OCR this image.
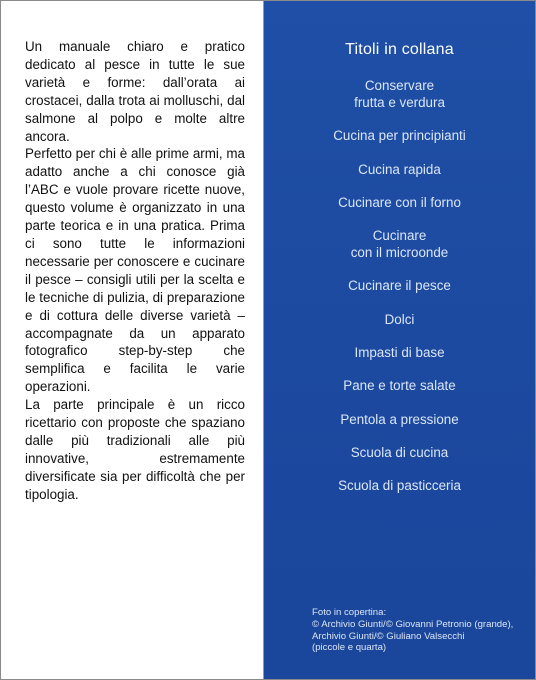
Un manuale chiaro e pratico dedicato al pesce in tutte le sue varietà e forme: dall’orata ai crostacei, dalla trota ai molluschi, dal salmone al polpo e molte altre ancora.

Perfetto per chi è alle prime armi, ma adatto anche a chi conosce già l’ABC e vuole provare ricette nuove, questo volume è organizzato in una parte teorica e in una pratica. Prima ci sono tutte le informazioni necessarie per conoscere e cucinare il pesce – consigli utili per la scelta e le tecniche di pulizia, di preparazione e di cottura delle diverse varietà – accompagnate da un apparato fotografico step-by-step che semplifica e facilita le varie operazioni.

La parte principale è un ricco ricettario con proposte che spaziano dalle più tradizionali alle più innovative, estremamente diversificate sia per difficoltà che per tipologia.

Titoli in collana
Conservare
frutta e verdura
Cucina per principianti
Cucina rapida
Cucinare con il forno
Cucinare
con il microonde
Cucinare il pesce
Dolci
Impasti di base
Pane e torte salate
Pentola a pressione
Scuola di cucina
Scuola di pasticceria
Foto in copertina:
© Archivio Giunti/© Giovanni Petronio (grande),
Archivio Giunti/© Giuliano Valsecchi
(piccole e quarta)
